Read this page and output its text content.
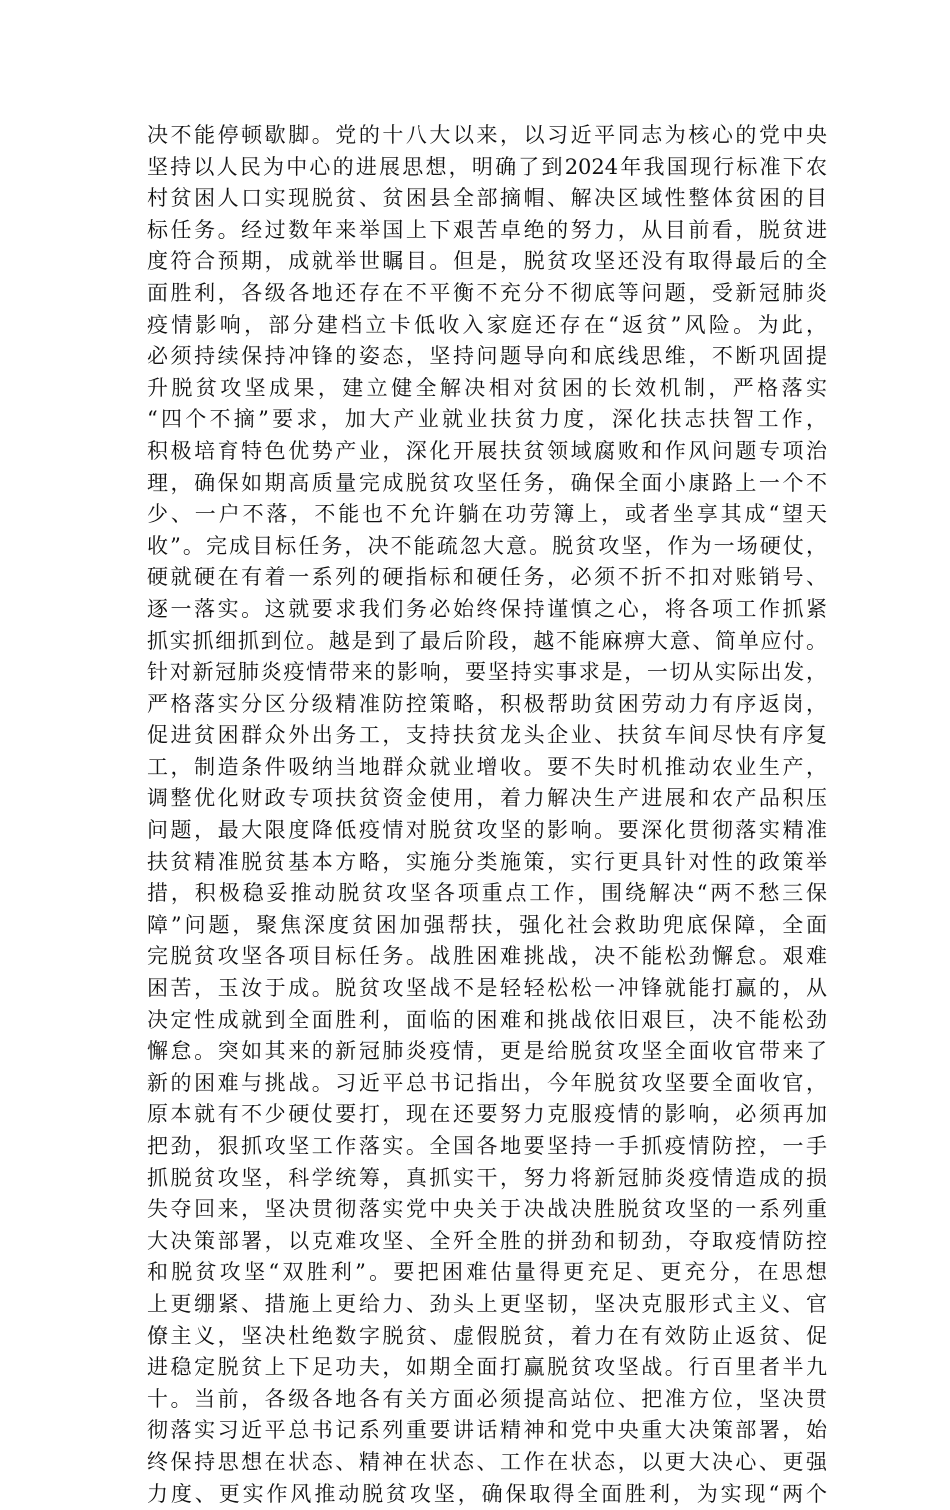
决不能停顿歇脚。党的十八大以来，以习近平同志为核心的党中央
坚持以人民为中心的进展思想，明确了到2024年我国现行标准下农
村贫困人口实现脱贫、贫困县全部摘帽、解决区域性整体贫困的目
标任务。经过数年来举国上下艰苦卓绝的努力，从目前看，脱贫进
度符合预期，成就举世瞩目。但是，脱贫攻坚还没有取得最后的全
面胜利，各级各地还存在不平衡不充分不彻底等问题，受新冠肺炎
疫情影响，部分建档立卡低收入家庭还存在“返贫”风险。为此，
必须持续保持冲锋的姿态，坚持问题导向和底线思维，不断巩固提
升脱贫攻坚成果，建立健全解决相对贫困的长效机制，严格落实
“四个不摘”要求，加大产业就业扶贫力度，深化扶志扶智工作，
积极培育特色优势产业，深化开展扶贫领域腐败和作风问题专项治
理，确保如期高质量完成脱贫攻坚任务，确保全面小康路上一个不
少、一户不落，不能也不允许躺在功劳簿上，或者坐享其成“望天
收”。完成目标任务，决不能疏忽大意。脱贫攻坚，作为一场硬仗，
硬就硬在有着一系列的硬指标和硬任务，必须不折不扣对账销号、
逐一落实。这就要求我们务必始终保持谨慎之心，将各项工作抓紧
抓实抓细抓到位。越是到了最后阶段，越不能麻痹大意、简单应付。
针对新冠肺炎疫情带来的影响，要坚持实事求是，一切从实际出发，
严格落实分区分级精准防控策略，积极帮助贫困劳动力有序返岗，
促进贫困群众外出务工，支持扶贫龙头企业、扶贫车间尽快有序复
工，制造条件吸纳当地群众就业增收。要不失时机推动农业生产，
调整优化财政专项扶贫资金使用，着力解决生产进展和农产品积压
问题，最大限度降低疫情对脱贫攻坚的影响。要深化贯彻落实精准
扶贫精准脱贫基本方略，实施分类施策，实行更具针对性的政策举
措，积极稳妥推动脱贫攻坚各项重点工作，围绕解决“两不愁三保
障”问题，聚焦深度贫困加强帮扶，强化社会救助兜底保障，全面
完脱贫攻坚各项目标任务。战胜困难挑战，决不能松劲懈怠。艰难
困苦，玉汝于成。脱贫攻坚战不是轻轻松松一冲锋就能打赢的，从
决定性成就到全面胜利，面临的困难和挑战依旧艰巨，决不能松劲
懈怠。突如其来的新冠肺炎疫情，更是给脱贫攻坚全面收官带来了
新的困难与挑战。习近平总书记指出，今年脱贫攻坚要全面收官，
原本就有不少硬仗要打，现在还要努力克服疫情的影响，必须再加
把劲，狠抓攻坚工作落实。全国各地要坚持一手抓疫情防控，一手
抓脱贫攻坚，科学统筹，真抓实干，努力将新冠肺炎疫情造成的损
失夺回来，坚决贯彻落实党中央关于决战决胜脱贫攻坚的一系列重
大决策部署，以克难攻坚、全歼全胜的拼劲和韧劲，夺取疫情防控
和脱贫攻坚“双胜利”。要把困难估量得更充足、更充分，在思想
上更绷紧、措施上更给力、劲头上更坚韧，坚决克服形式主义、官
僚主义，坚决杜绝数字脱贫、虚假脱贫，着力在有效防止返贫、促
进稳定脱贫上下足功夫，如期全面打赢脱贫攻坚战。行百里者半九
十。当前，各级各地各有关方面必须提高站位、把准方位，坚决贯
彻落实习近平总书记系列重要讲话精神和党中央重大决策部署，始
终保持思想在状态、精神在状态、工作在状态，以更大决心、更强
力度、更实作风推动脱贫攻坚，确保取得全面胜利，为实现“两个
